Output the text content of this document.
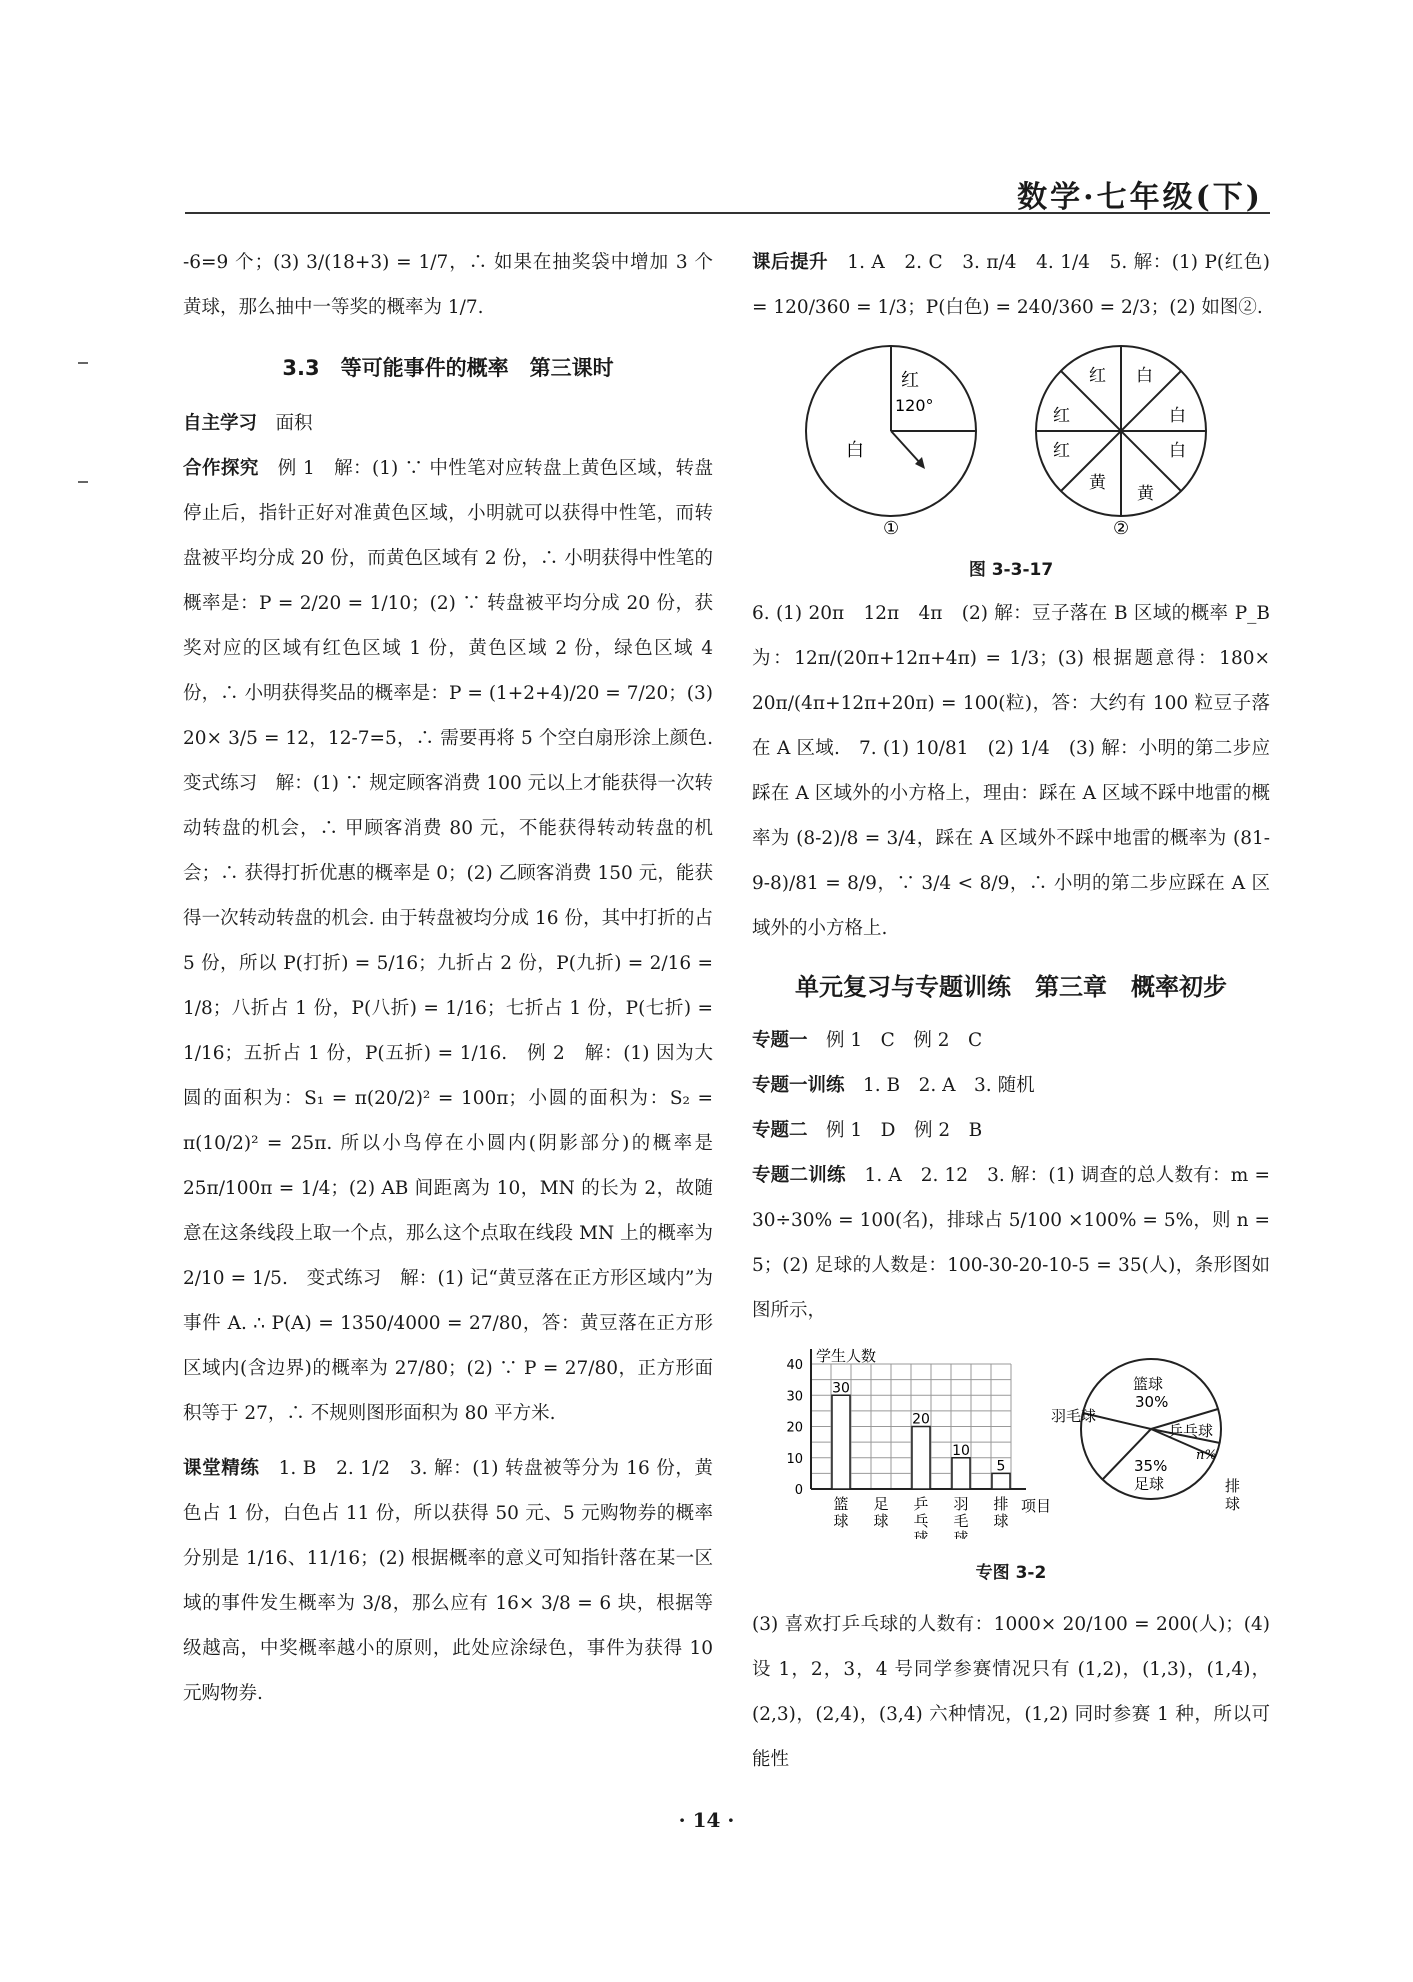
数学·七年级(下)

-6=9 个；(3) 3/(18+3) = 1/7，∴ 如果在抽奖袋中增加 3 个黄球，那么抽中一等奖的概率为 1/7.

3.3　等可能事件的概率　第三课时

自主学习　面积

合作探究　例 1　解：(1) ∵ 中性笔对应转盘上黄色区域，转盘停止后，指针正好对准黄色区域，小明就可以获得中性笔，而转盘被平均分成 20 份，而黄色区域有 2 份，∴ 小明获得中性笔的概率是：P = 2/20 = 1/10；(2) ∵ 转盘被平均分成 20 份，获奖对应的区域有红色区域 1 份，黄色区域 2 份，绿色区域 4 份，∴ 小明获得奖品的概率是：P = (1+2+4)/20 = 7/20；(3) 20× 3/5 = 12，12-7=5，∴ 需要再将 5 个空白扇形涂上颜色.　变式练习　解：(1) ∵ 规定顾客消费 100 元以上才能获得一次转动转盘的机会，∴ 甲顾客消费 80 元，不能获得转动转盘的机会；∴ 获得打折优惠的概率是 0；(2) 乙顾客消费 150 元，能获得一次转动转盘的机会. 由于转盘被均分成 16 份，其中打折的占 5 份，所以 P(打折) = 5/16；九折占 2 份，P(九折) = 2/16 = 1/8；八折占 1 份，P(八折) = 1/16；七折占 1 份，P(七折) = 1/16；五折占 1 份，P(五折) = 1/16.　例 2　解：(1) 因为大圆的面积为：S₁ = π(20/2)² = 100π；小圆的面积为：S₂ = π(10/2)² = 25π. 所以小鸟停在小圆内(阴影部分)的概率是 25π/100π = 1/4；(2) AB 间距离为 10，MN 的长为 2，故随意在这条线段上取一个点，那么这个点取在线段 MN 上的概率为 2/10 = 1/5.　变式练习　解：(1) 记“黄豆落在正方形区域内”为事件 A. ∴ P(A) = 1350/4000 = 27/80，答：黄豆落在正方形区域内(含边界)的概率为 27/80；(2) ∵ P = 27/80，正方形面积等于 27，∴ 不规则图形面积为 80 平方米.

课堂精练　1. B　2. 1/2　3. 解：(1) 转盘被等分为 16 份，黄色占 1 份，白色占 11 份，所以获得 50 元、5 元购物券的概率分别是 1/16、11/16；(2) 根据概率的意义可知指针落在某一区域的事件发生概率为 3/8，那么应有 16× 3/8 = 6 块，根据等级越高，中奖概率越小的原则，此处应涂绿色，事件为获得 10 元购物券.

课后提升　1. A　2. C　3. π/4　4. 1/4　5. 解：(1) P(红色) = 120/360 = 1/3；P(白色) = 240/360 = 2/3；(2) 如图②.

红
120°
白
①
白
白
白
黄
黄
红
红
红
②
图 3-3-17

6. (1) 20π　12π　4π　(2) 解：豆子落在 B 区域的概率 P_B 为：12π/(20π+12π+4π) = 1/3；(3) 根据题意得：180× 20π/(4π+12π+20π) = 100(粒)，答：大约有 100 粒豆子落在 A 区域.　7. (1) 10/81　(2) 1/4　(3) 解：小明的第二步应踩在 A 区域外的小方格上，理由：踩在 A 区域不踩中地雷的概率为 (8-2)/8 = 3/4，踩在 A 区域外不踩中地雷的概率为 (81-9-8)/81 = 8/9，∵ 3/4 < 8/9，∴ 小明的第二步应踩在 A 区域外的小方格上.

单元复习与专题训练　第三章　概率初步

专题一　例 1　C　例 2　C

专题一训练　1. B　2. A　3. 随机

专题二　例 1　D　例 2　B

专题二训练　1. A　2. 12　3. 解：(1) 调查的总人数有：m = 30÷30% = 100(名)，排球占 5/100 ×100% = 5%，则 n = 5；(2) 足球的人数是：100-30-20-10-5 = 35(人)，条形图如图所示，

学生人数
项目
0
10
20
30
40
30
篮
球
足
球
20
乒
乓
球
10
羽
毛
球
5
排
球
篮球
30%
乒乓球
n%
排
球
35%
足球
羽毛球
专图 3-2

(3) 喜欢打乒乓球的人数有：1000× 20/100 = 200(人)；(4) 设 1，2，3，4 号同学参赛情况只有 (1,2)，(1,3)，(1,4)，(2,3)，(2,4)，(3,4) 六种情况，(1,2) 同时参赛 1 种，所以可能性

· 14 ·
